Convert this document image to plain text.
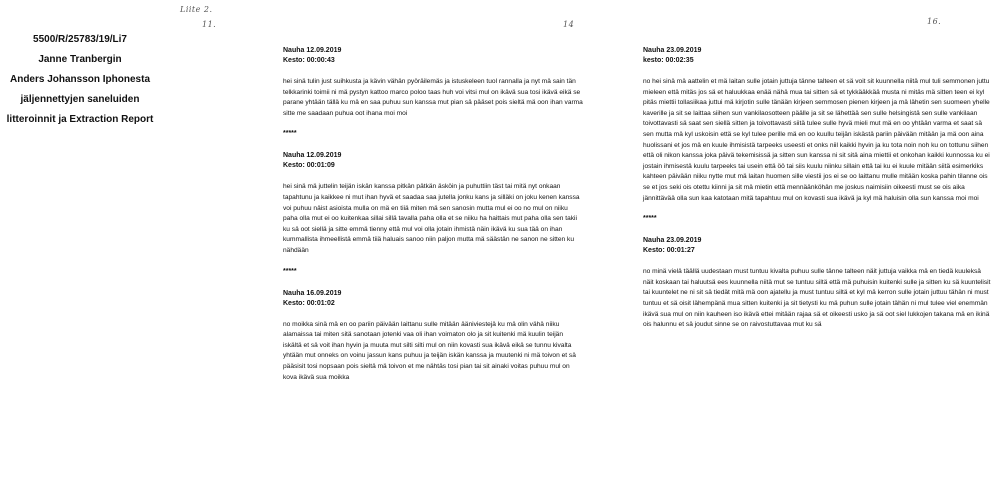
Liite 2.
11.	14	16.
5500/R/25783/19/Li7
Janne Tranbergin
Anders Johansson Iphonesta
jäljennettyjen saneluiden
litteroinnit ja Extraction Report
Nauha 12.09.2019
Kesto: 00:00:43
hei sinä tulin just suihkusta ja kävin vähän pyöräilemäs ja istuskeleen tuol rannalla ja nyt mä sain tän telkkarinki toimii ni mä pystyn kattoo marco poloo taas huh voi vitsi mul on ikävä sua tosi ikävä eikä se parane yhtään tällä ku mä en saa puhuu sun kanssa mut pian sä pääset pois sieltä mä oon ihan varma sitte me saadaan puhua oot ihana moi moi
*****
Nauha 12.09.2019
Kesto: 00:01:09
hei sinä mä juttelin teijän iskän kanssa pitkän pätkän äsköin ja puhuttiin täst tai mitä nyt onkaan tapahtunu ja kaikkee ni mut ihan hyvä et saadaa saa jutella jonku kans ja silläki on joku kenen kanssa voi puhuu näist asioista mulla on mä en tiiä miten mä sen sanosin mutta mul ei oo no mul on niiku paha olla mut ei oo kuitenkaa sillai sillä tavalla paha olla et se niiku ha haittais mut paha olla sen takii ku sä oot siellä ja sitte emmä tienny että mul voi olla jotain ihmistä näin ikävä ku sua tää on ihan kummallista ihmeellistä emmä tiiä haluais sanoo niin paljon mutta mä säästän ne sanon ne sitten ku nähdään
*****
Nauha 16.09.2019
Kesto: 00:01:02
no moikka sinä mä en oo pariin päivään laittanu sulle mitään ääniviestejä ku mä olin vähä niiku alamaissa tai miten sitä sanotaan jotenki vaa oli ihan voimaton olo ja sit kuitenki mä kuulin teijän iskältä et sä voit ihan hyvin ja muuta mut silti silti mul on niin kovasti sua ikävä eikä se tunnu kivalta yhtään mut onneks on voinu jassun kans puhuu ja teijän iskän kanssa ja muutenki ni mä toivon et sä pääsisit tosi nopsaan pois sieltä mä toivon et me nähtäs tosi pian tai sit ainaki voitas puhuu mul on kova ikävä sua moikka
Nauha 23.09.2019
kesto: 00:02:35
no hei sinä mä aattelin et mä laitan sulle jotain juttuja tänne talteen et sä voit sit kuunnella niitä mul tuli semmonen juttu mieleen että mitäs jos sä et haluukkaa enää nähä mua tai sitten sä et tykkääkkää musta ni mitäs mä sitten teen ei kyl pitäs miettii tollasiikaa juttui mä kirjotin sulle tänään kirjeen semmosen pienen kirjeen ja mä lähetin sen suomeen yhelle kaverille ja sit se laittaa siihen sun vankilaosotteen päälle ja sit se lähettää sen sulle helsingistä sen sulle vankilaan toivottavasti sä saat sen siellä sitten ja toivottavasti siitä tulee sulle hyvä mieli mut mä en oo yhtään varma et saat sä sen mutta mä kyl uskoisin että se kyl tulee perille mä en oo kuullu teijän iskästä pariin päivään mitään ja mä oon aina huolissani et jos mä en kuule ihmisistä tarpeeks useesti et onks niil kaikki hyvin ja ku tota noin noh ku on tottunu siihen että oli nikon kanssa joka päivä tekemisissä ja sitten sun kanssa ni sit sitä aina miettii et onkohan kaikki kunnossa ku ei jostain ihmisestä kuulu tarpeeks tai usein että öö tai siis kuulu niinku sillain että tai ku ei kuule mitään siitä esimerkiks kahteen päivään niiku nytte mut mä laitan huomen sille viestii jos ei se oo laittanu mulle mitään koska pahin tilanne ois se et jos seki ois otettu kiinni ja sit mä mietin että mennäänköhän me joskus naimisiin oikeesti must se ois aika jännittävää olla sun kaa katotaan mitä tapahtuu mul on kovasti sua ikävä ja kyl mä haluisin olla sun kanssa moi moi
*****
Nauha 23.09.2019
Kesto: 00:01:27
no minä vielä täällä uudestaan must tuntuu kivalta puhuu sulle tänne talteen näit juttuja vaikka mä en tiedä kuuleksä näit koskaan tai haluutsä ees kuunnella niitä mut se tuntuu siltä että mä puhuisin kuitenki sulle ja sitten ku sä kuuntelisit tai kuuntelet ne ni sit sä tiedät mitä mä oon ajatellu ja must tuntuu siltä et kyl mä kerron sulle jotain juttuu tähän ni must tuntuu et sä oisit lähempänä mua sitten kuitenki ja sit tietysti ku mä puhun sulle jotain tähän ni mul tulee viel enemmän ikävä sua mul on niin kauheen iso ikävä ettei mitään rajaa sä et oikeesti usko ja sä oot siel lukkojen takana mä en ikinä ois halunnu et sä joudut sinne se on raivostuttavaa mut ku sä
